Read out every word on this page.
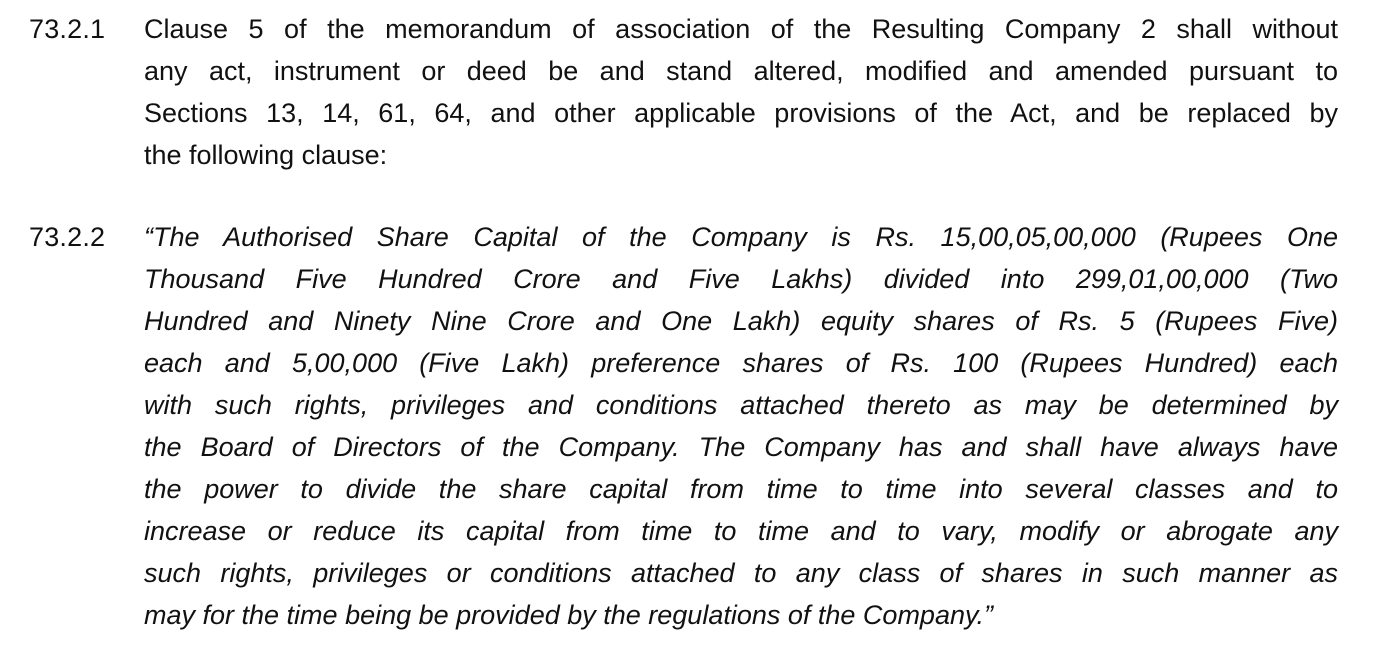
73.2.1 Clause 5 of the memorandum of association of the Resulting Company 2 shall without
any act, instrument or deed be and stand altered, modified and amended pursuant to
Sections 13, 14, 61, 64, and other applicable provisions of the Act, and be replaced by
the following clause:
73.2.2 “The Authorised Share Capital of the Company is Rs. 15,00,05,00,000 (Rupees One
Thousand Five Hundred Crore and Five Lakhs) divided into 299,01,00,000 (Two
Hundred and Ninety Nine Crore and One Lakh) equity shares of Rs. 5 (Rupees Five)
each and 5,00,000 (Five Lakh) preference shares of Rs. 100 (Rupees Hundred) each
with such rights, privileges and conditions attached thereto as may be determined by
the Board of Directors of the Company. The Company has and shall have always have
the power to divide the share capital from time to time into several classes and to
increase or reduce its capital from time to time and to vary, modify or abrogate any
such rights, privileges or conditions attached to any class of shares in such manner as
may for the time being be provided by the regulations of the Company.”
